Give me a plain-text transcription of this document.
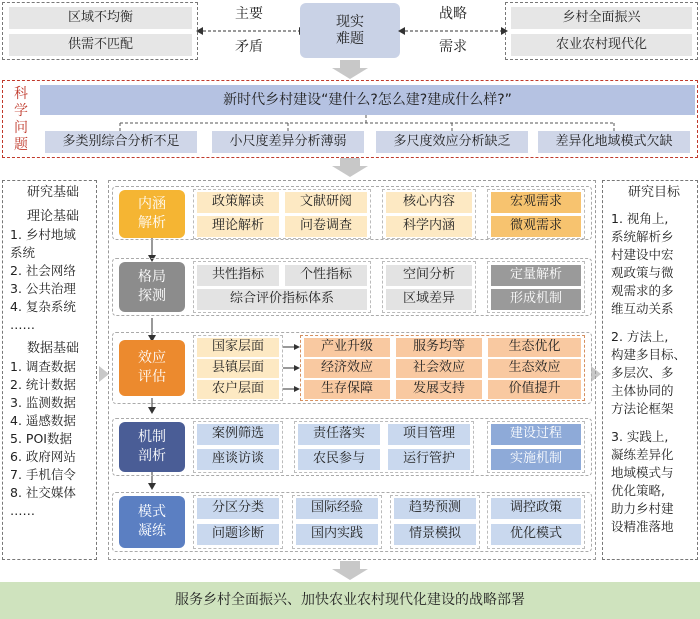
区域不均衡
供需不匹配
主要
矛盾
现实
难题
战略
需求
乡村全面振兴
农业农村现代化
科学
问题
新时代乡村建设“建什么?怎么建?建成什么样?”
多类别综合分析不足	小尺度差异分析薄弱	多尺度效应分析缺乏	差异化地域模式欠缺
研究基础
理论基础
1. 乡村地域
系统
2. 社会网络
3. 公共治理
4. 复杂系统
……
数据基础
1. 调查数据
2. 统计数据
3. 监测数据
4. 遥感数据
5. POI数据
6. 政府网站
7. 手机信令
8. 社交媒体
……
研究目标
1. 视角上,
系统解析乡
村建设中宏
观政策与微
观需求的多
维互动关系
2. 方法上,
构建多目标、
多层次、多
主体协同的
方法论框架
3. 实践上,
凝练差异化
地域模式与
优化策略,
助力乡村建
设精准落地
内涵
解析
政策解读	文献研阅
理论解析	问卷调查
核心内容
科学内涵
宏观需求
微观需求
格局
探测
共性指标	个性指标
综合评价指标体系
空间分析
区域差异
定量解析
形成机制
效应
评估
国家层面
县镇层面
农户层面
产业升级	服务均等	生态优化
经济效应	社会效应	生态效应
生存保障	发展支持	价值提升
机制
剖析
案例筛选
座谈访谈
责任落实	项目管理
农民参与	运行管护
建设过程
实施机制
模式
凝练
分区分类
问题诊断
国际经验
国内实践
趋势预测
情景模拟
调控政策
优化模式
服务乡村全面振兴、加快农业农村现代化建设的战略部署
